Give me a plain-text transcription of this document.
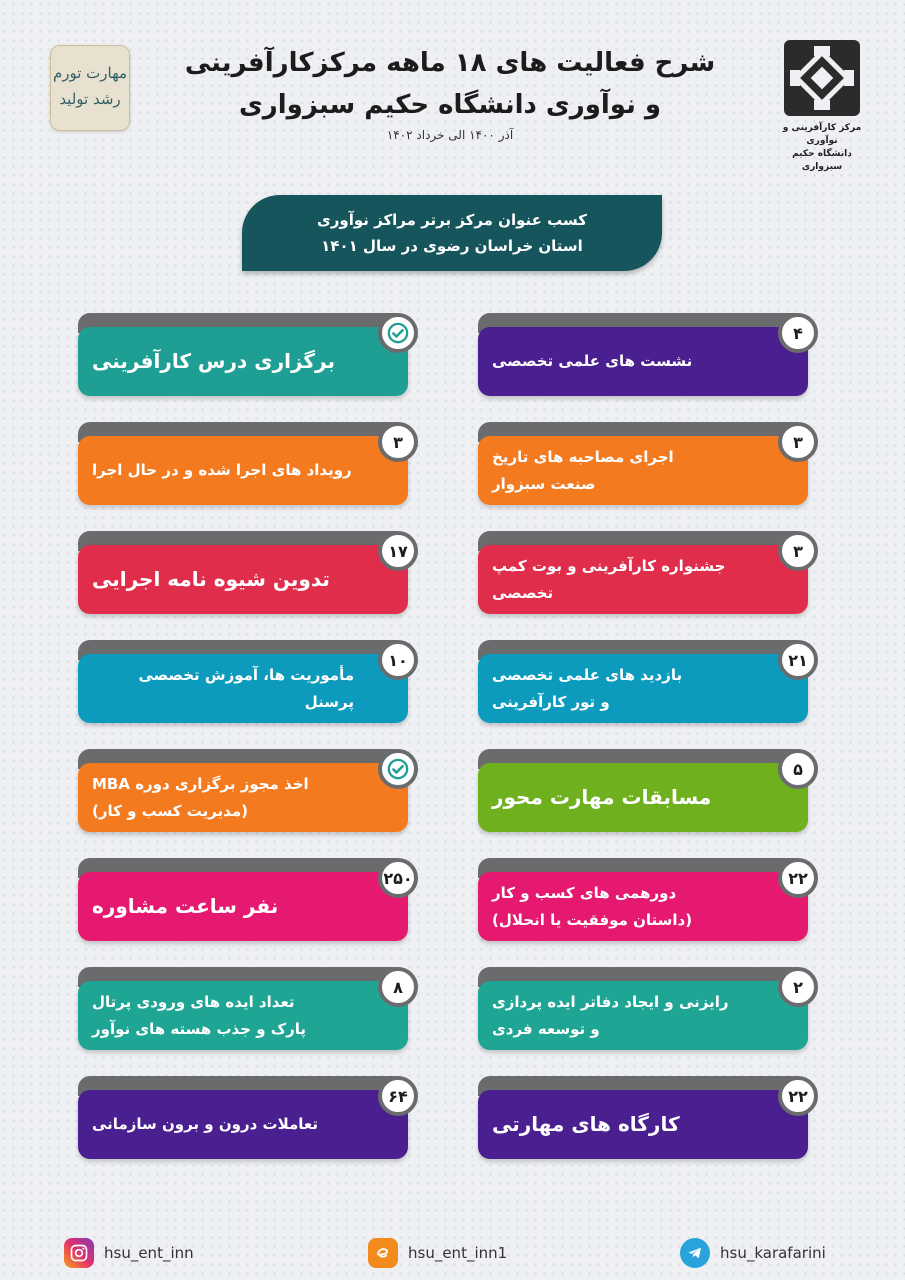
مهارت تورم
رشد تولید
شرح فعالیت های ۱۸ ماهه مرکزکارآفرینی
و نوآوری دانشگاه حکیم سبزواری
آذر ۱۴۰۰ الی خرداد ۱۴۰۲	مرکز کارآفرینی و نوآوری
دانشگاه حکیم سبزواری
کسب عنوان مرکز برتر مراکز نوآوری
استان خراسان رضوی در سال ۱۴۰۱
برگزاری درس کارآفرینی	نشست های علمی تخصصی
۴
رویداد های اجرا شده و در حال اجرا
۳
اجرای مصاحبه های تاریخ
صنعت سبزوار
۳
تدوین شیوه نامه اجرایی
۱۷
جشنواره کارآفرینی و بوت کمپ
تخصصی
۳
مأموریت ها، آموزش تخصصی پرسنل
۱۰
بازدید های علمی تخصصی
و تور کارآفرینی
۲۱
اخذ مجوز برگزاری دوره MBA
(مدیریت کسب و کار)
مسابقات مهارت محور
۵
نفر ساعت مشاوره
۲۵۰
دورهمی های کسب و کار
(داستان موفقیت یا انحلال)
۲۲
تعداد ایده های ورودی پرتال
پارک و جذب هسته های نوآور
۸
رایزنی و ایجاد دفاتر ایده پردازی
و توسعه فردی
۲
تعاملات درون و برون سازمانی
۶۴
کارگاه های مهارتی
۲۲
hsu_ent_inn	hsu_ent_inn1	hsu_karafarini
